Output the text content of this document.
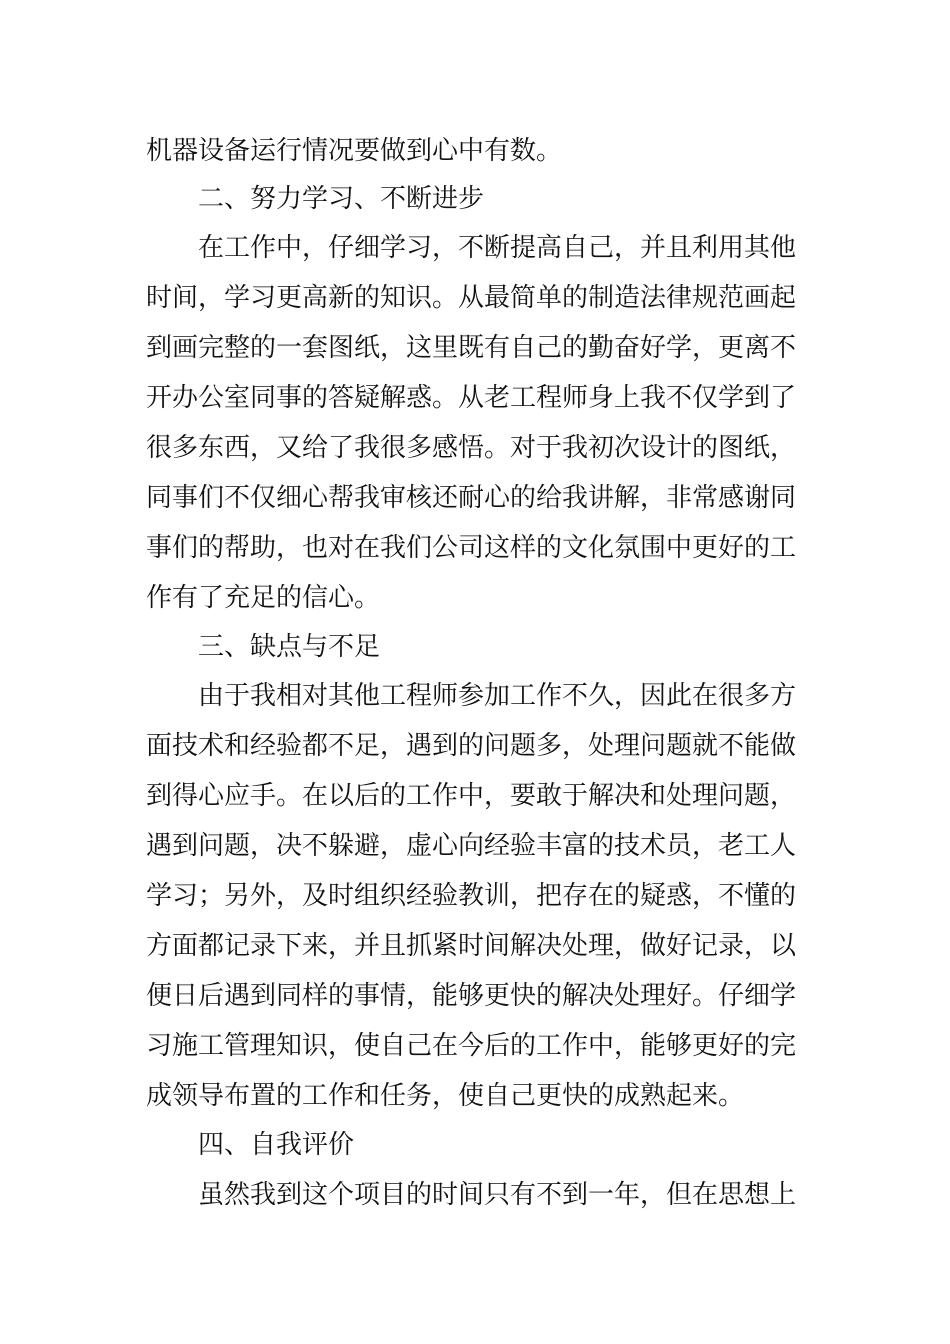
机器设备运行情况要做到心中有数。

二、努力学习、不断进步

在工作中，仔细学习，不断提高自己，并且利用其他

时间，学习更高新的知识。从最简单的制造法律规范画起

到画完整的一套图纸，这里既有自己的勤奋好学，更离不

开办公室同事的答疑解惑。从老工程师身上我不仅学到了

很多东西，又给了我很多感悟。对于我初次设计的图纸，

同事们不仅细心帮我审核还耐心的给我讲解，非常感谢同

事们的帮助，也对在我们公司这样的文化氛围中更好的工

作有了充足的信心。

三、缺点与不足

由于我相对其他工程师参加工作不久，因此在很多方

面技术和经验都不足，遇到的问题多，处理问题就不能做

到得心应手。在以后的工作中，要敢于解决和处理问题，

遇到问题，决不躲避，虚心向经验丰富的技术员，老工人

学习；另外，及时组织经验教训，把存在的疑惑，不懂的

方面都记录下来，并且抓紧时间解决处理，做好记录，以

便日后遇到同样的事情，能够更快的解决处理好。仔细学

习施工管理知识，使自己在今后的工作中，能够更好的完

成领导布置的工作和任务，使自己更快的成熟起来。

四、自我评价

虽然我到这个项目的时间只有不到一年，但在思想上
